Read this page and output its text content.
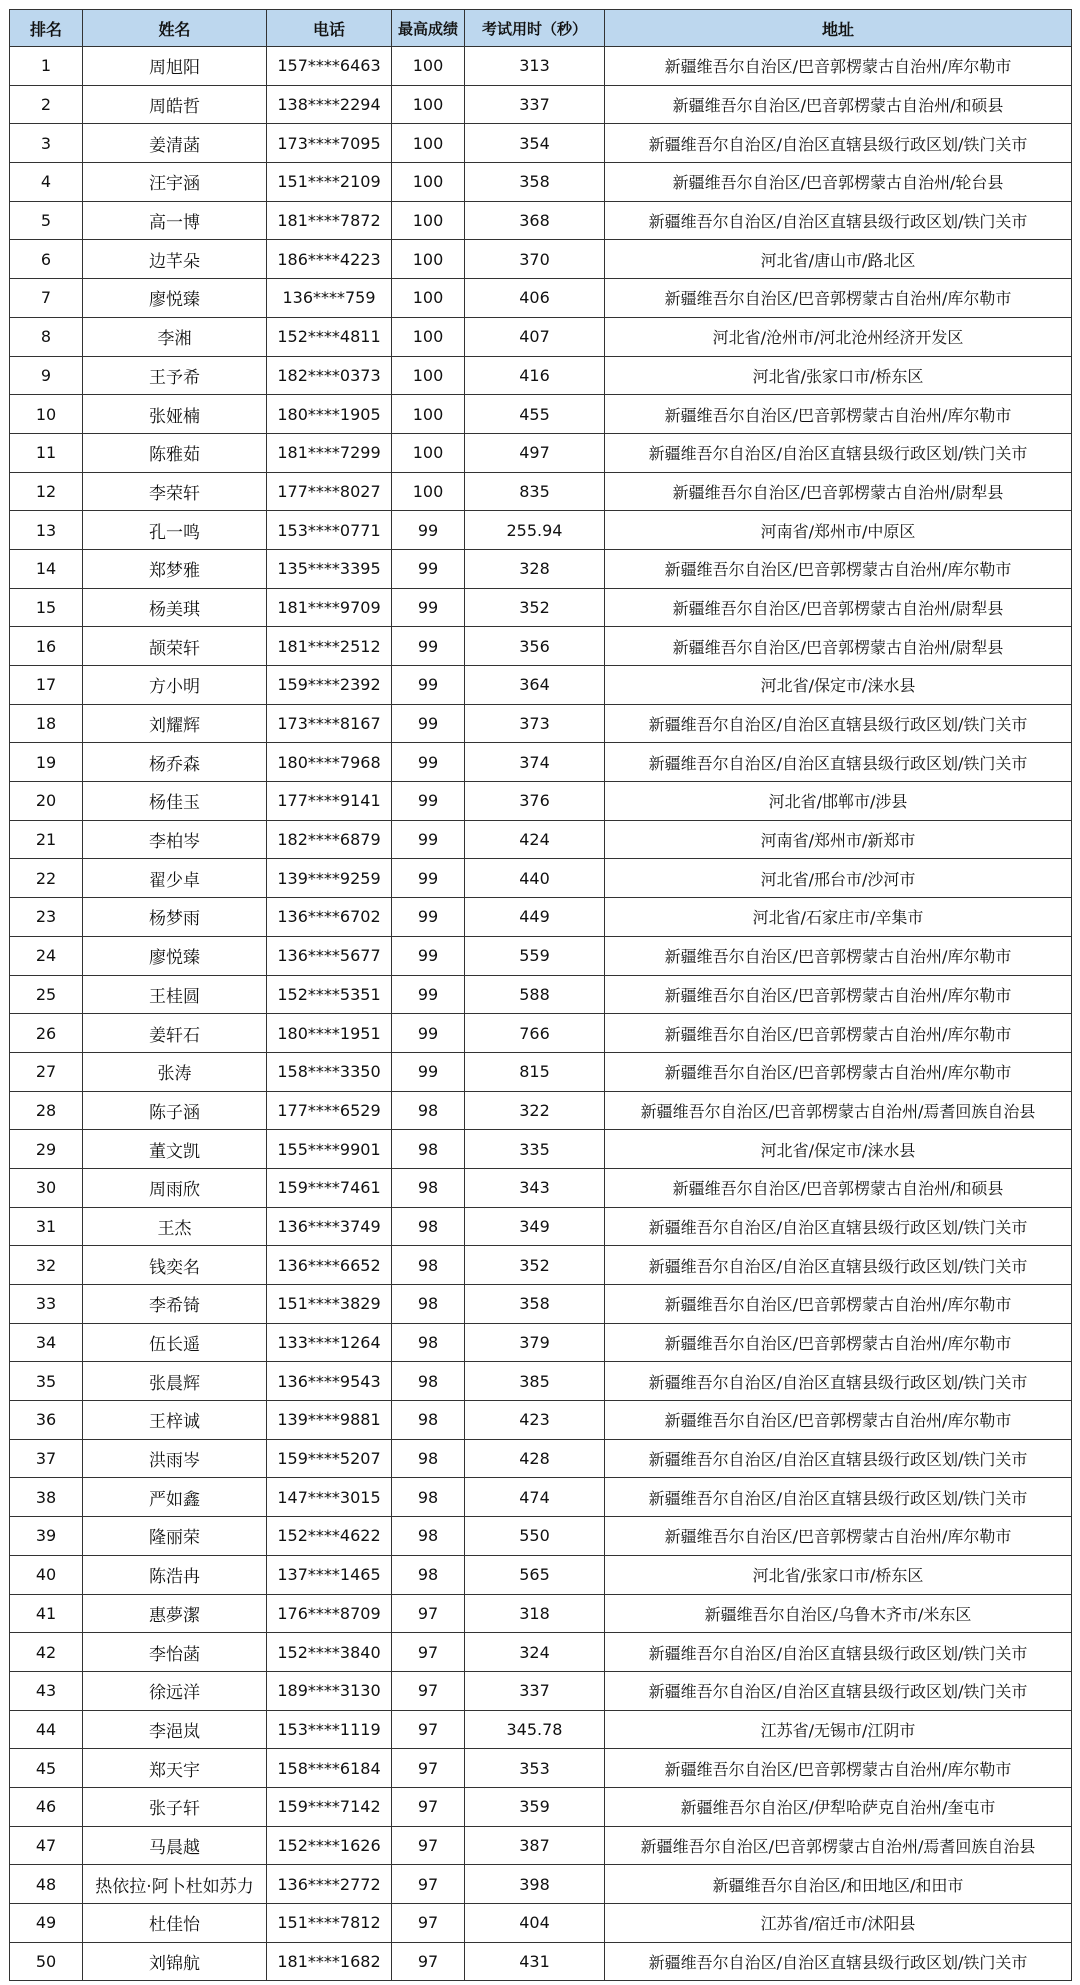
排名	姓名	电话	最高成绩	考试用时（秒）	地址
1	周旭阳	157****6463	100	313	新疆维吾尔自治区/巴音郭楞蒙古自治州/库尔勒市
2	周皓哲	138****2294	100	337	新疆维吾尔自治区/巴音郭楞蒙古自治州/和硕县
3	姜清菡	173****7095	100	354	新疆维吾尔自治区/自治区直辖县级行政区划/铁门关市
4	汪宇涵	151****2109	100	358	新疆维吾尔自治区/巴音郭楞蒙古自治州/轮台县
5	高一博	181****7872	100	368	新疆维吾尔自治区/自治区直辖县级行政区划/铁门关市
6	边芊朵	186****4223	100	370	河北省/唐山市/路北区
7	廖悦臻	136****759	100	406	新疆维吾尔自治区/巴音郭楞蒙古自治州/库尔勒市
8	李湘	152****4811	100	407	河北省/沧州市/河北沧州经济开发区
9	王予希	182****0373	100	416	河北省/张家口市/桥东区
10	张娅楠	180****1905	100	455	新疆维吾尔自治区/巴音郭楞蒙古自治州/库尔勒市
11	陈雅茹	181****7299	100	497	新疆维吾尔自治区/自治区直辖县级行政区划/铁门关市
12	李荣轩	177****8027	100	835	新疆维吾尔自治区/巴音郭楞蒙古自治州/尉犁县
13	孔一鸣	153****0771	99	255.94	河南省/郑州市/中原区
14	郑梦雅	135****3395	99	328	新疆维吾尔自治区/巴音郭楞蒙古自治州/库尔勒市
15	杨美琪	181****9709	99	352	新疆维吾尔自治区/巴音郭楞蒙古自治州/尉犁县
16	颉荣轩	181****2512	99	356	新疆维吾尔自治区/巴音郭楞蒙古自治州/尉犁县
17	方小明	159****2392	99	364	河北省/保定市/涞水县
18	刘耀辉	173****8167	99	373	新疆维吾尔自治区/自治区直辖县级行政区划/铁门关市
19	杨乔森	180****7968	99	374	新疆维吾尔自治区/自治区直辖县级行政区划/铁门关市
20	杨佳玉	177****9141	99	376	河北省/邯郸市/涉县
21	李柏岑	182****6879	99	424	河南省/郑州市/新郑市
22	翟少卓	139****9259	99	440	河北省/邢台市/沙河市
23	杨梦雨	136****6702	99	449	河北省/石家庄市/辛集市
24	廖悦臻	136****5677	99	559	新疆维吾尔自治区/巴音郭楞蒙古自治州/库尔勒市
25	王桂圆	152****5351	99	588	新疆维吾尔自治区/巴音郭楞蒙古自治州/库尔勒市
26	姜轩石	180****1951	99	766	新疆维吾尔自治区/巴音郭楞蒙古自治州/库尔勒市
27	张涛	158****3350	99	815	新疆维吾尔自治区/巴音郭楞蒙古自治州/库尔勒市
28	陈子涵	177****6529	98	322	新疆维吾尔自治区/巴音郭楞蒙古自治州/焉耆回族自治县
29	董文凯	155****9901	98	335	河北省/保定市/涞水县
30	周雨欣	159****7461	98	343	新疆维吾尔自治区/巴音郭楞蒙古自治州/和硕县
31	王杰	136****3749	98	349	新疆维吾尔自治区/自治区直辖县级行政区划/铁门关市
32	钱奕名	136****6652	98	352	新疆维吾尔自治区/自治区直辖县级行政区划/铁门关市
33	李希锜	151****3829	98	358	新疆维吾尔自治区/巴音郭楞蒙古自治州/库尔勒市
34	伍长遥	133****1264	98	379	新疆维吾尔自治区/巴音郭楞蒙古自治州/库尔勒市
35	张晨辉	136****9543	98	385	新疆维吾尔自治区/自治区直辖县级行政区划/铁门关市
36	王梓诚	139****9881	98	423	新疆维吾尔自治区/巴音郭楞蒙古自治州/库尔勒市
37	洪雨岑	159****5207	98	428	新疆维吾尔自治区/自治区直辖县级行政区划/铁门关市
38	严如鑫	147****3015	98	474	新疆维吾尔自治区/自治区直辖县级行政区划/铁门关市
39	隆丽荣	152****4622	98	550	新疆维吾尔自治区/巴音郭楞蒙古自治州/库尔勒市
40	陈浩冉	137****1465	98	565	河北省/张家口市/桥东区
41	惠夢潔	176****8709	97	318	新疆维吾尔自治区/乌鲁木齐市/米东区
42	李怡菡	152****3840	97	324	新疆维吾尔自治区/自治区直辖县级行政区划/铁门关市
43	徐远洋	189****3130	97	337	新疆维吾尔自治区/自治区直辖县级行政区划/铁门关市
44	李浥岚	153****1119	97	345.78	江苏省/无锡市/江阴市
45	郑天宇	158****6184	97	353	新疆维吾尔自治区/巴音郭楞蒙古自治州/库尔勒市
46	张子轩	159****7142	97	359	新疆维吾尔自治区/伊犁哈萨克自治州/奎屯市
47	马晨越	152****1626	97	387	新疆维吾尔自治区/巴音郭楞蒙古自治州/焉耆回族自治县
48	热依拉·阿卜杜如苏力	136****2772	97	398	新疆维吾尔自治区/和田地区/和田市
49	杜佳怡	151****7812	97	404	江苏省/宿迁市/沭阳县
50	刘锦航	181****1682	97	431	新疆维吾尔自治区/自治区直辖县级行政区划/铁门关市
